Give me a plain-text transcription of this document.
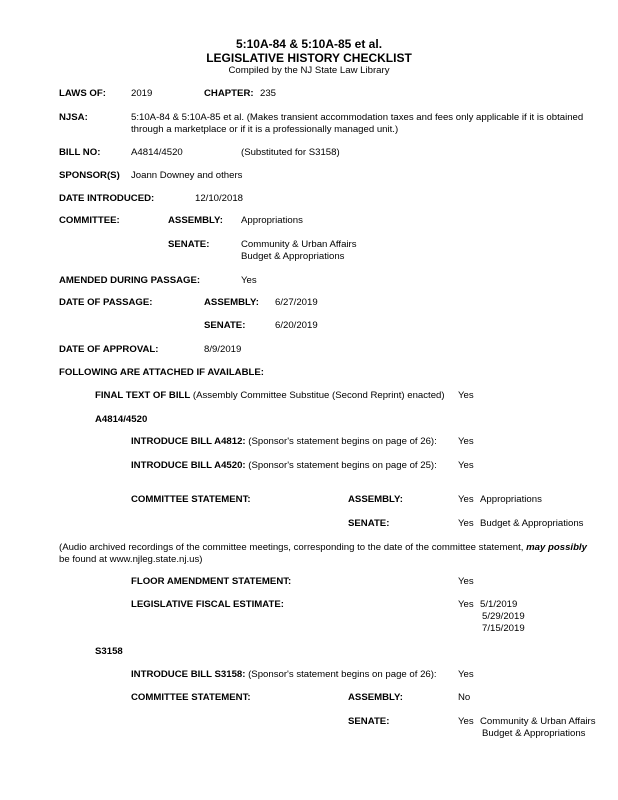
5:10A-84 & 5:10A-85 et al.
LEGISLATIVE HISTORY CHECKLIST
Compiled by the NJ State Law Library
LAWS OF:	2019	CHAPTER: 235
NJSA:	5:10A-84 & 5:10A-85 et al. (Makes transient accommodation taxes and fees only applicable if it is obtained
through a marketplace or if it is a professionally managed unit.)
BILL NO:	A4814/4520	(Substituted for S3158)
SPONSOR(S) Joann Downey and others
DATE INTRODUCED:	12/10/2018
COMMITTEE:	ASSEMBLY: Appropriations
SENATE:	Community & Urban Affairs
Budget & Appropriations
AMENDED DURING PASSAGE:	Yes
DATE OF PASSAGE:	ASSEMBLY: 6/27/2019
SENATE:	6/20/2019
DATE OF APPROVAL:	8/9/2019
FOLLOWING ARE ATTACHED IF AVAILABLE:
FINAL TEXT OF BILL (Assembly Committee Substitue (Second Reprint) enacted) Yes
A4814/4520
INTRODUCE BILL A4812: (Sponsor's statement begins on page of 26): Yes
INTRODUCE BILL A4520: (Sponsor's statement begins on page of 25): Yes
COMMITTEE STATEMENT:	ASSEMBLY:	Yes Appropriations
SENATE:	Yes Budget & Appropriations
(Audio archived recordings of the committee meetings, corresponding to the date of the committee statement, may possibly
be found at www.njleg.state.nj.us)
FLOOR AMENDMENT STATEMENT:	Yes
LEGISLATIVE FISCAL ESTIMATE:	Yes 5/1/2019
5/29/2019
7/15/2019
S3158
INTRODUCE BILL S3158: (Sponsor's statement begins on page of 26): Yes
COMMITTEE STATEMENT:	ASSEMBLY:	No
SENATE:	Yes Community & Urban Affairs
Budget & Appropriations
